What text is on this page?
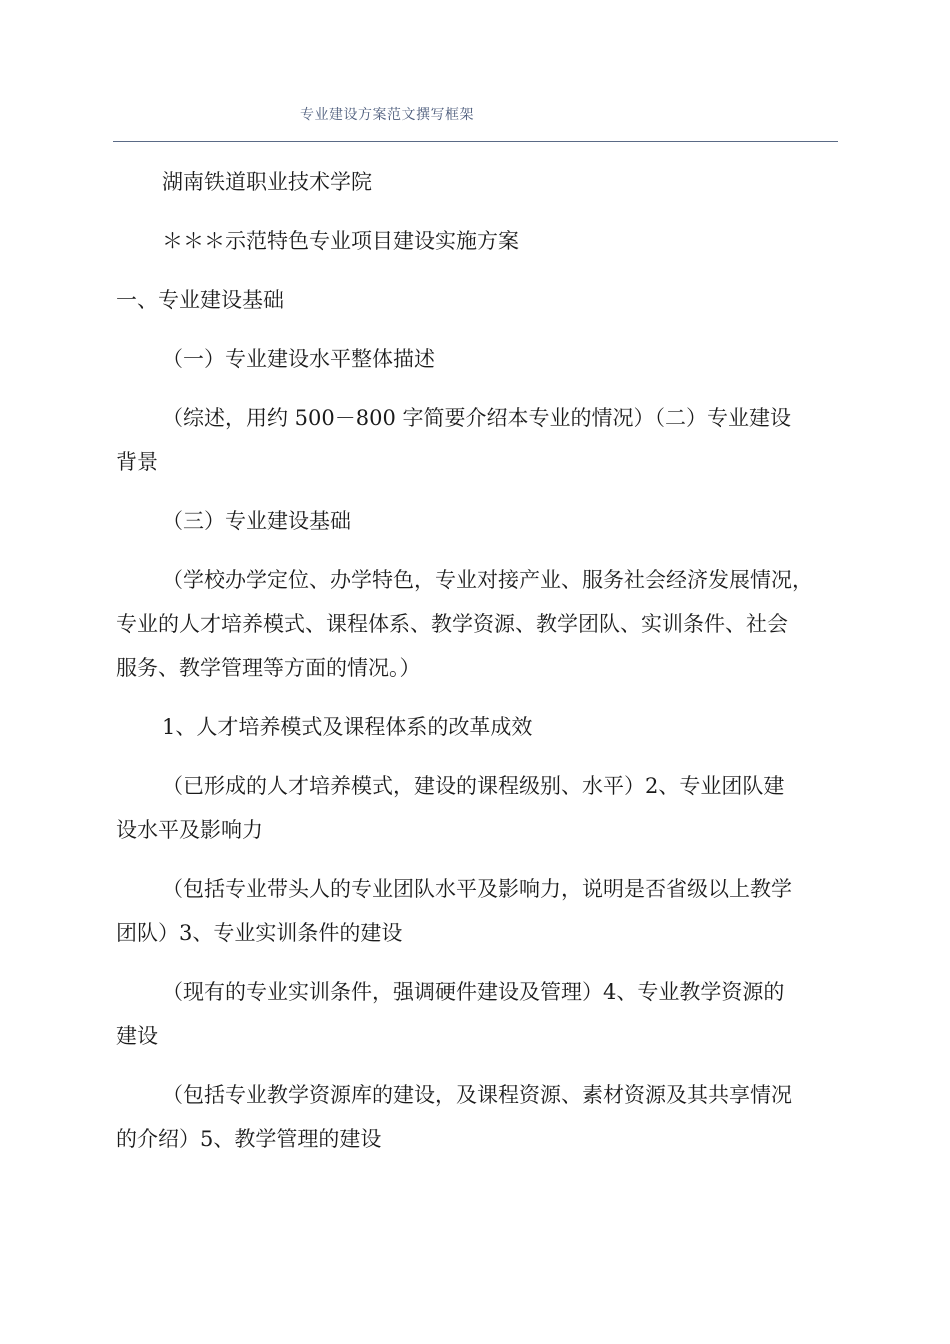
专业建设方案范文撰写框架
湖南铁道职业技术学院
＊＊＊示范特色专业项目建设实施方案
一、专业建设基础
（一）专业建设水平整体描述
（综述，用约 500－800 字简要介绍本专业的情况）（二）专业建设
背景
（三）专业建设基础
（学校办学定位、办学特色，专业对接产业、服务社会经济发展情况，
专业的人才培养模式、课程体系、教学资源、教学团队、实训条件、社会
服务、教学管理等方面的情况。）
1、人才培养模式及课程体系的改革成效
（已形成的人才培养模式，建设的课程级别、水平）2、专业团队建
设水平及影响力
（包括专业带头人的专业团队水平及影响力，说明是否省级以上教学
团队）3、专业实训条件的建设
（现有的专业实训条件，强调硬件建设及管理）4、专业教学资源的
建设
（包括专业教学资源库的建设，及课程资源、素材资源及其共享情况
的介绍）5、教学管理的建设
